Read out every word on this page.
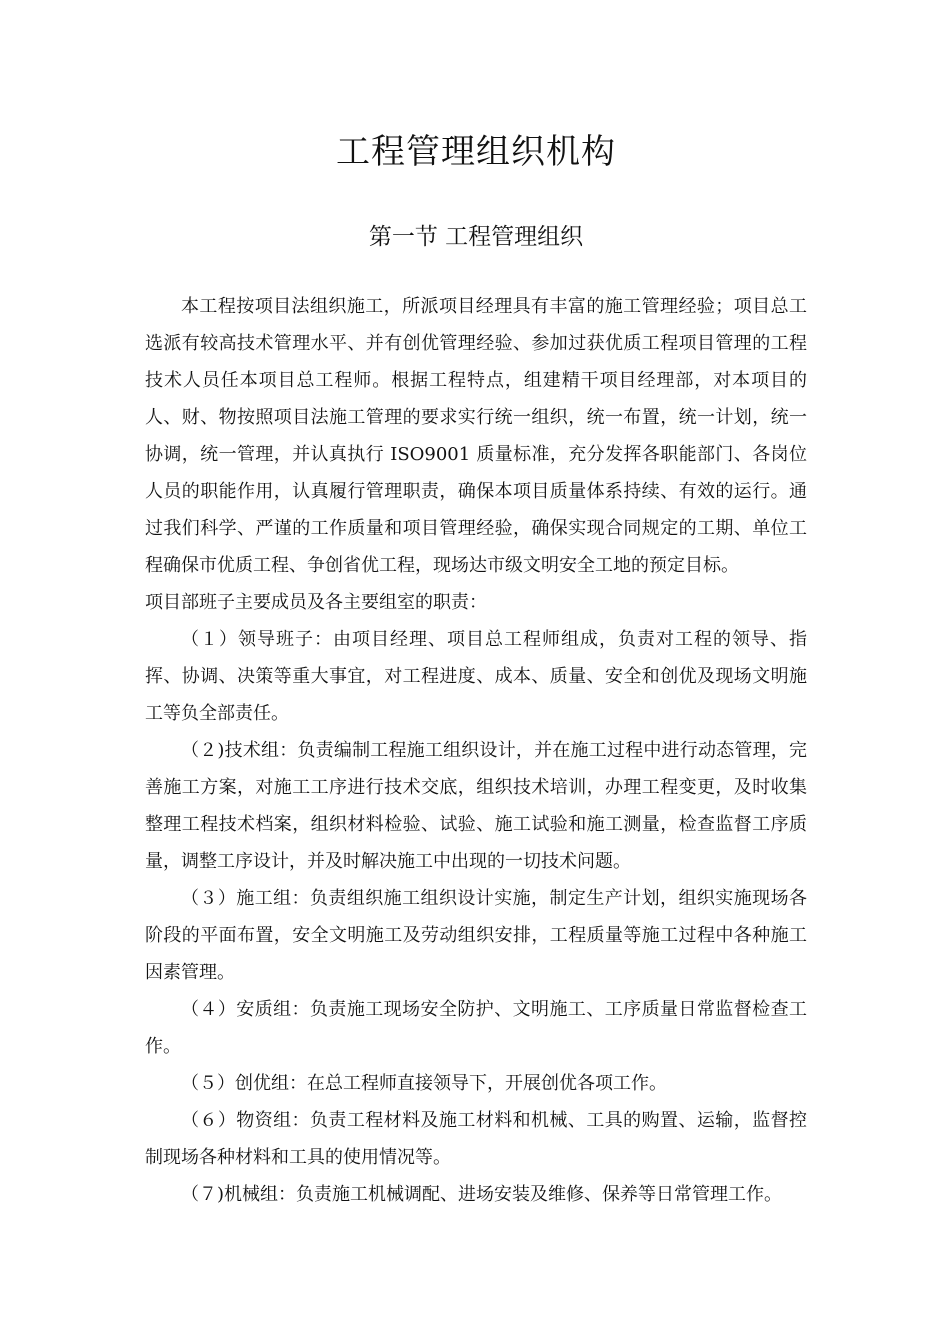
工程管理组织机构
第一节 工程管理组织

本工程按项目法组织施工，所派项目经理具有丰富的施工管理经验；项目总工选派有较高技术管理水平、并有创优管理经验、参加过获优质工程项目管理的工程技术人员任本项目总工程师。根据工程特点，组建精干项目经理部，对本项目的人、财、物按照项目法施工管理的要求实行统一组织，统一布置，统一计划，统一协调，统一管理，并认真执行 ISO9001 质量标准，充分发挥各职能部门、各岗位人员的职能作用，认真履行管理职责，确保本项目质量体系持续、有效的运行。通过我们科学、严谨的工作质量和项目管理经验，确保实现合同规定的工期、单位工程确保市优质工程、争创省优工程，现场达市级文明安全工地的预定目标。

项目部班子主要成员及各主要组室的职责：

（１）领导班子：由项目经理、项目总工程师组成，负责对工程的领导、指挥、协调、决策等重大事宜，对工程进度、成本、质量、安全和创优及现场文明施工等负全部责任。

（２)技术组：负责编制工程施工组织设计，并在施工过程中进行动态管理，完善施工方案，对施工工序进行技术交底，组织技术培训，办理工程变更，及时收集整理工程技术档案，组织材料检验、试验、施工试验和施工测量，检查监督工序质量，调整工序设计，并及时解决施工中出现的一切技术问题。

（３）施工组：负责组织施工组织设计实施，制定生产计划，组织实施现场各阶段的平面布置，安全文明施工及劳动组织安排，工程质量等施工过程中各种施工因素管理。

（４）安质组：负责施工现场安全防护、文明施工、工序质量日常监督检查工作。

（５）创优组：在总工程师直接领导下，开展创优各项工作。

（６）物资组：负责工程材料及施工材料和机械、工具的购置、运输，监督控制现场各种材料和工具的使用情况等。

（７)机械组：负责施工机械调配、进场安装及维修、保养等日常管理工作。
